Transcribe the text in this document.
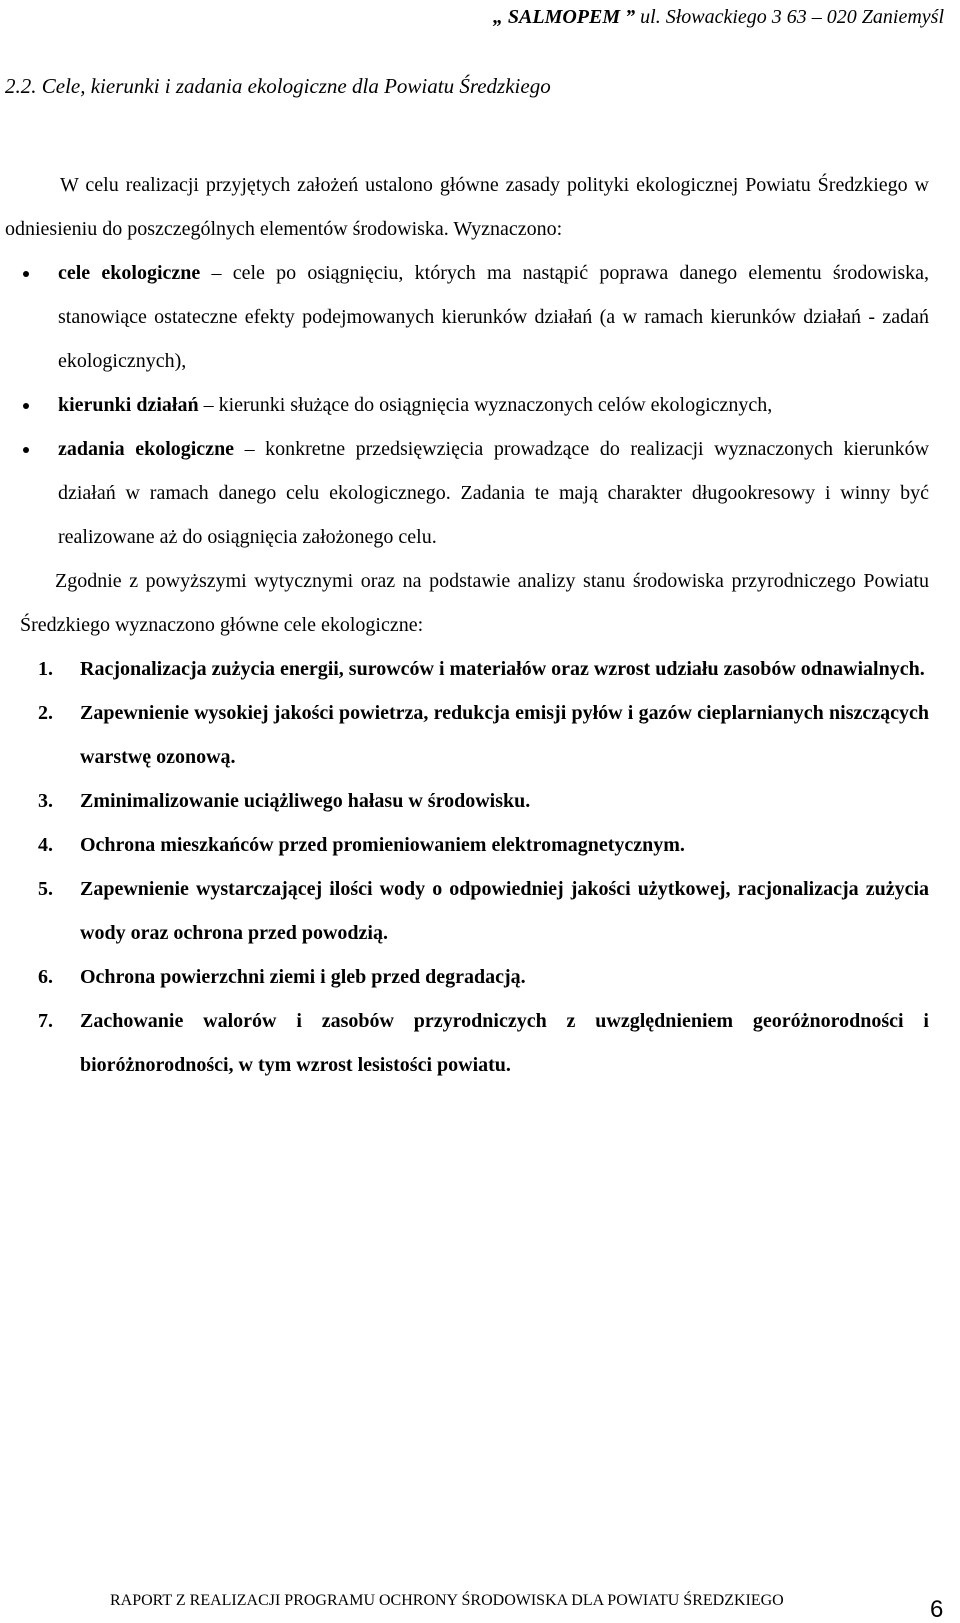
„ SALMOPEM ” ul. Słowackiego 3 63 – 020 Zaniemyśl
2.2. Cele, kierunki i zadania ekologiczne dla Powiatu Średzkiego
W celu realizacji przyjętych założeń ustalono główne zasady polityki ekologicznej Powiatu Średzkiego w odniesieniu do poszczególnych elementów środowiska. Wyznaczono:
cele ekologiczne – cele po osiągnięciu, których ma nastąpić poprawa danego elementu środowiska, stanowiące ostateczne efekty podejmowanych kierunków działań (a w ramach kierunków działań - zadań ekologicznych),
kierunki działań – kierunki służące do osiągnięcia wyznaczonych celów ekologicznych,
zadania ekologiczne – konkretne przedsięwzięcia prowadzące do realizacji wyznaczonych kierunków działań w ramach danego celu ekologicznego. Zadania te mają charakter długookresowy i winny być realizowane aż do osiągnięcia założonego celu.
Zgodnie z powyższymi wytycznymi oraz na podstawie analizy stanu środowiska przyrodniczego Powiatu Średzkiego wyznaczono główne cele ekologiczne:
1. Racjonalizacja zużycia energii, surowców i materiałów oraz wzrost udziału zasobów odnawialnych.
2. Zapewnienie wysokiej jakości powietrza, redukcja emisji pyłów i gazów cieplarnianych niszczących warstwę ozonową.
3. Zminimalizowanie uciążliwego hałasu w środowisku.
4. Ochrona mieszkańców przed promieniowaniem elektromagnetycznym.
5. Zapewnienie wystarczającej ilości wody o odpowiedniej jakości użytkowej, racjonalizacja zużycia wody oraz ochrona przed powodzią.
6. Ochrona powierzchni ziemi i gleb przed degradacją.
7. Zachowanie walorów i zasobów przyrodniczych z uwzględnieniem georóżnorodności i bioróżnorodności, w tym wzrost lesistości powiatu.
RAPORT Z REALIZACJI PROGRAMU OCHRONY ŚRODOWISKA DLA POWIATU ŚREDZKIEGO	6
